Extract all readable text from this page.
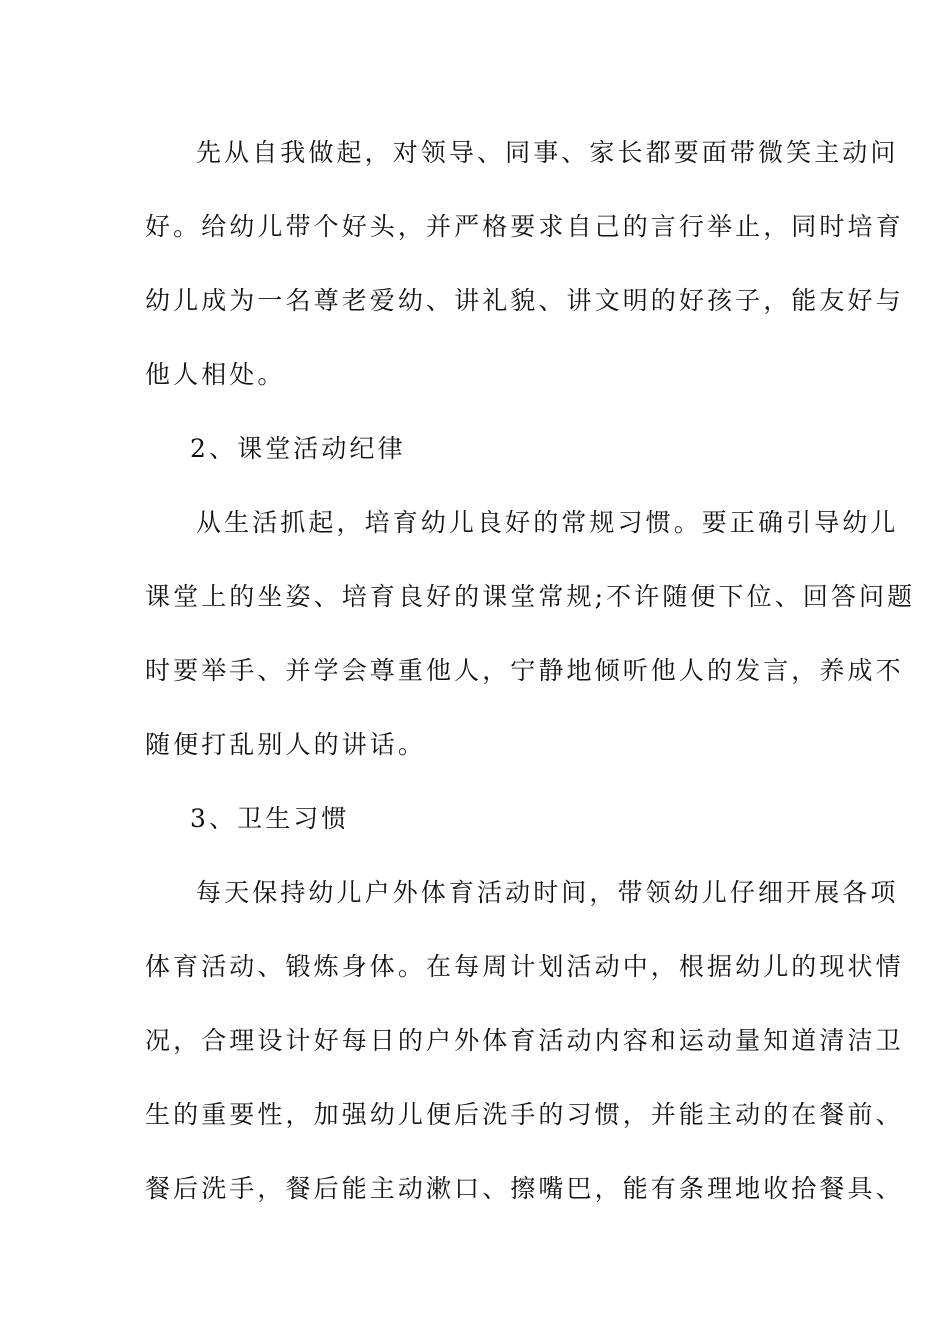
先从自我做起，对领导、同事、家长都要面带微笑主动问

好。给幼儿带个好头，并严格要求自己的言行举止，同时培育

幼儿成为一名尊老爱幼、讲礼貌、讲文明的好孩子，能友好与

他人相处。

2、课堂活动纪律

从生活抓起，培育幼儿良好的常规习惯。要正确引导幼儿

课堂上的坐姿、培育良好的课堂常规;不许随便下位、回答问题

时要举手、并学会尊重他人，宁静地倾听他人的发言，养成不

随便打乱别人的讲话。

3、卫生习惯

每天保持幼儿户外体育活动时间，带领幼儿仔细开展各项

体育活动、锻炼身体。在每周计划活动中，根据幼儿的现状情

况，合理设计好每日的户外体育活动内容和运动量知道清洁卫

生的重要性，加强幼儿便后洗手的习惯，并能主动的在餐前、

餐后洗手，餐后能主动漱口、擦嘴巴，能有条理地收拾餐具、
